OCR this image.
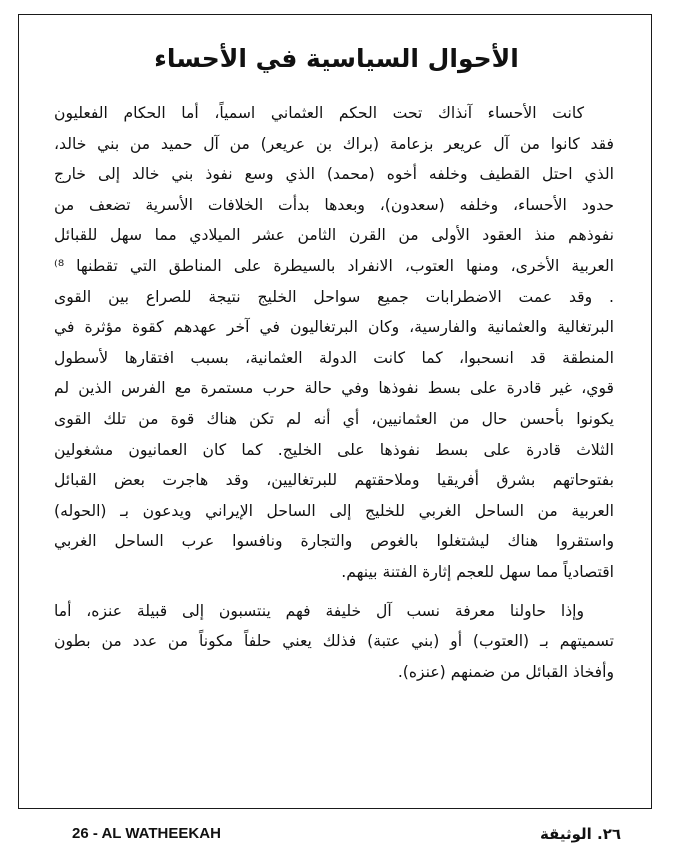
الأحوال السياسية في الأحساء
كانت الأحساء آنذاك تحت الحكم العثماني اسمياً، أما الحكام الفعليون
فقد كانوا من آل عريعر بزعامة (براك بن عريعر) من آل حميد من بني خالد،
الذي احتل القطيف وخلفه أخوه (محمد) الذي وسع نفوذ بني خالد إلى خارج
حدود الأحساء، وخلفه (سعدون)، وبعدها بدأت الخلافات الأسرية تضعف من
نفوذهم منذ العقود الأولى من القرن الثامن عشر الميلادي مما سهل للقبائل
العربية الأخرى، ومنها العتوب، الانفراد بالسيطرة على المناطق التي تقطنها ⁸⁾
. وقد عمت الاضطرابات جميع سواحل الخليج نتيجة للصراع بين القوى
البرتغالية والعثمانية والفارسية، وكان البرتغاليون في آخر عهدهم كقوة مؤثرة في
المنطقة قد انسحبوا، كما كانت الدولة العثمانية، بسبب افتقارها لأسطول
قوي، غير قادرة على بسط نفوذها وفي حالة حرب مستمرة مع الفرس الذين لم
يكونوا بأحسن حال من العثمانيين، أي أنه لم تكن هناك قوة من تلك القوى
الثلاث قادرة على بسط نفوذها على الخليج. كما كان العمانيون مشغولين
بفتوحاتهم بشرق أفريقيا وملاحقتهم للبرتغاليين، وقد هاجرت بعض القبائل
العربية من الساحل الغربي للخليج إلى الساحل الإيراني ويدعون بـ (الحوله)
واستقروا هناك ليشتغلوا بالغوص والتجارة ونافسوا عرب الساحل الغربي
اقتصادياً مما سهل للعجم إثارة الفتنة بينهم.
وإذا حاولنا معرفة نسب آل خليفة فهم ينتسبون إلى قبيلة عنزه، أما
تسميتهم بـ (العتوب) أو (بني عتبة) فذلك يعني حلفاً مكوناً من عدد من بطون
وأفخاذ القبائل من ضمنهم (عنزه).
26 - AL WATHEEKAH	٢٦. الوثيقة
